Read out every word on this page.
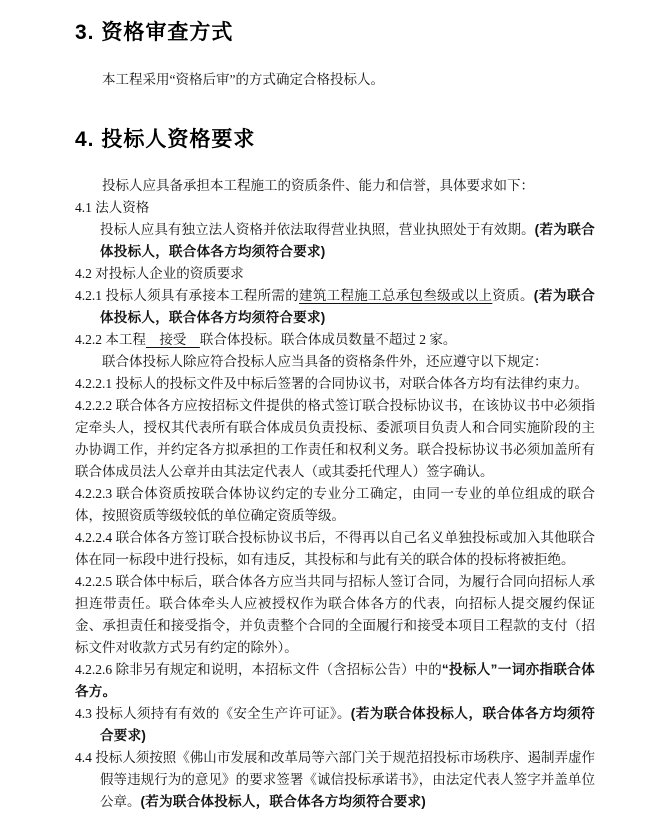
3. 资格审查方式

本工程采用“资格后审”的方式确定合格投标人。

4. 投标人资格要求

投标人应具备承担本工程施工的资质条件、能力和信誉，具体要求如下：

4.1 法人资格

投标人应具有独立法人资格并依法取得营业执照，营业执照处于有效期。(若为联合体投标人，联合体各方均须符合要求)

4.2 对投标人企业的资质要求

4.2.1 投标人须具有承接本工程所需的建筑工程施工总承包叁级或以上资质。(若为联合体投标人，联合体各方均须符合要求)

4.2.2 本工程　接受　联合体投标。联合体成员数量不超过 2 家。

联合体投标人除应符合投标人应当具备的资格条件外，还应遵守以下规定：

4.2.2.1 投标人的投标文件及中标后签署的合同协议书，对联合体各方均有法律约束力。

4.2.2.2 联合体各方应按招标文件提供的格式签订联合投标协议书，在该协议书中必须指定牵头人，授权其代表所有联合体成员负责投标、委派项目负责人和合同实施阶段的主办协调工作，并约定各方拟承担的工作责任和权利义务。联合投标协议书必须加盖所有联合体成员法人公章并由其法定代表人（或其委托代理人）签字确认。

4.2.2.3 联合体资质按联合体协议约定的专业分工确定，由同一专业的单位组成的联合体，按照资质等级较低的单位确定资质等级。

4.2.2.4 联合体各方签订联合投标协议书后，不得再以自己名义单独投标或加入其他联合体在同一标段中进行投标，如有违反，其投标和与此有关的联合体的投标将被拒绝。

4.2.2.5 联合体中标后，联合体各方应当共同与招标人签订合同，为履行合同向招标人承担连带责任。联合体牵头人应被授权作为联合体各方的代表，向招标人提交履约保证金、承担责任和接受指令，并负责整个合同的全面履行和接受本项目工程款的支付（招标文件对收款方式另有约定的除外）。

4.2.2.6 除非另有规定和说明，本招标文件（含招标公告）中的“投标人”一词亦指联合体各方。

4.3 投标人须持有有效的《安全生产许可证》。(若为联合体投标人，联合体各方均须符合要求)

4.4 投标人须按照《佛山市发展和改革局等六部门关于规范招投标市场秩序、遏制弄虚作假等违规行为的意见》的要求签署《诚信投标承诺书》，由法定代表人签字并盖单位公章。(若为联合体投标人，联合体各方均须符合要求)
